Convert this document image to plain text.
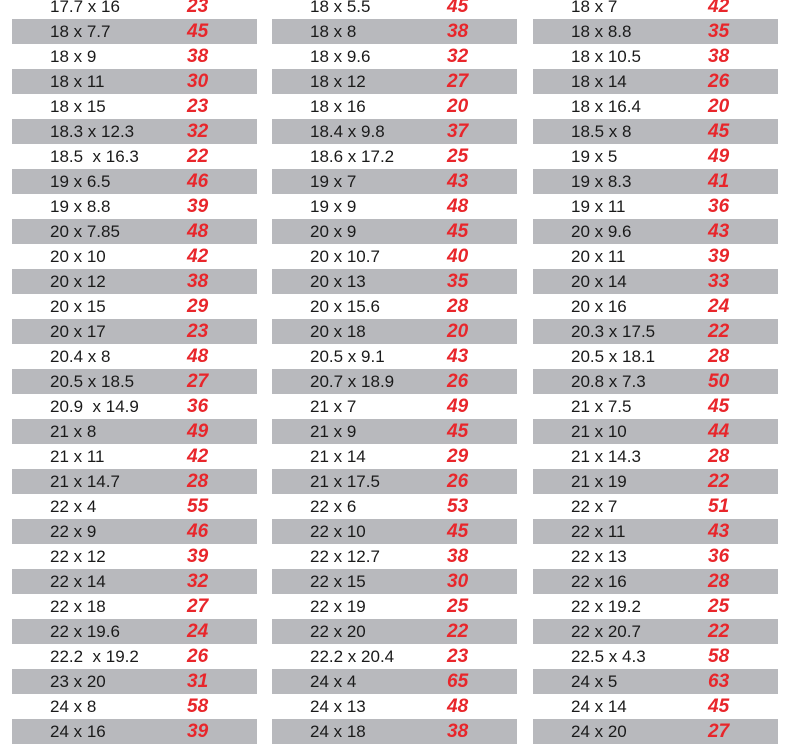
17.7 x 16	23
18 x 7.7	45
18 x 9	38
18 x 11	30
18 x 15	23
18.3 x 12.3	32
18.5  x 16.3	22
19 x 6.5	46
19 x 8.8	39
20 x 7.85	48
20 x 10	42
20 x 12	38
20 x 15	29
20 x 17	23
20.4 x 8	48
20.5 x 18.5	27
20.9  x 14.9	36
21 x 8	49
21 x 11	42
21 x 14.7	28
22 x 4	55
22 x 9	46
22 x 12	39
22 x 14	32
22 x 18	27
22 x 19.6	24
22.2  x 19.2	26
23 x 20	31
24 x 8	58
24 x 16	39
18 x 5.5	45
18 x 8	38
18 x 9.6	32
18 x 12	27
18 x 16	20
18.4 x 9.8	37
18.6 x 17.2	25
19 x 7	43
19 x 9	48
20 x 9	45
20 x 10.7	40
20 x 13	35
20 x 15.6	28
20 x 18	20
20.5 x 9.1	43
20.7 x 18.9	26
21 x 7	49
21 x 9	45
21 x 14	29
21 x 17.5	26
22 x 6	53
22 x 10	45
22 x 12.7	38
22 x 15	30
22 x 19	25
22 x 20	22
22.2 x 20.4	23
24 x 4	65
24 x 13	48
24 x 18	38
18 x 7	42
18 x 8.8	35
18 x 10.5	38
18 x 14	26
18 x 16.4	20
18.5 x 8	45
19 x 5	49
19 x 8.3	41
19 x 11	36
20 x 9.6	43
20 x 11	39
20 x 14	33
20 x 16	24
20.3 x 17.5	22
20.5 x 18.1	28
20.8 x 7.3	50
21 x 7.5	45
21 x 10	44
21 x 14.3	28
21 x 19	22
22 x 7	51
22 x 11	43
22 x 13	36
22 x 16	28
22 x 19.2	25
22 x 20.7	22
22.5 x 4.3	58
24 x 5	63
24 x 14	45
24 x 20	27
